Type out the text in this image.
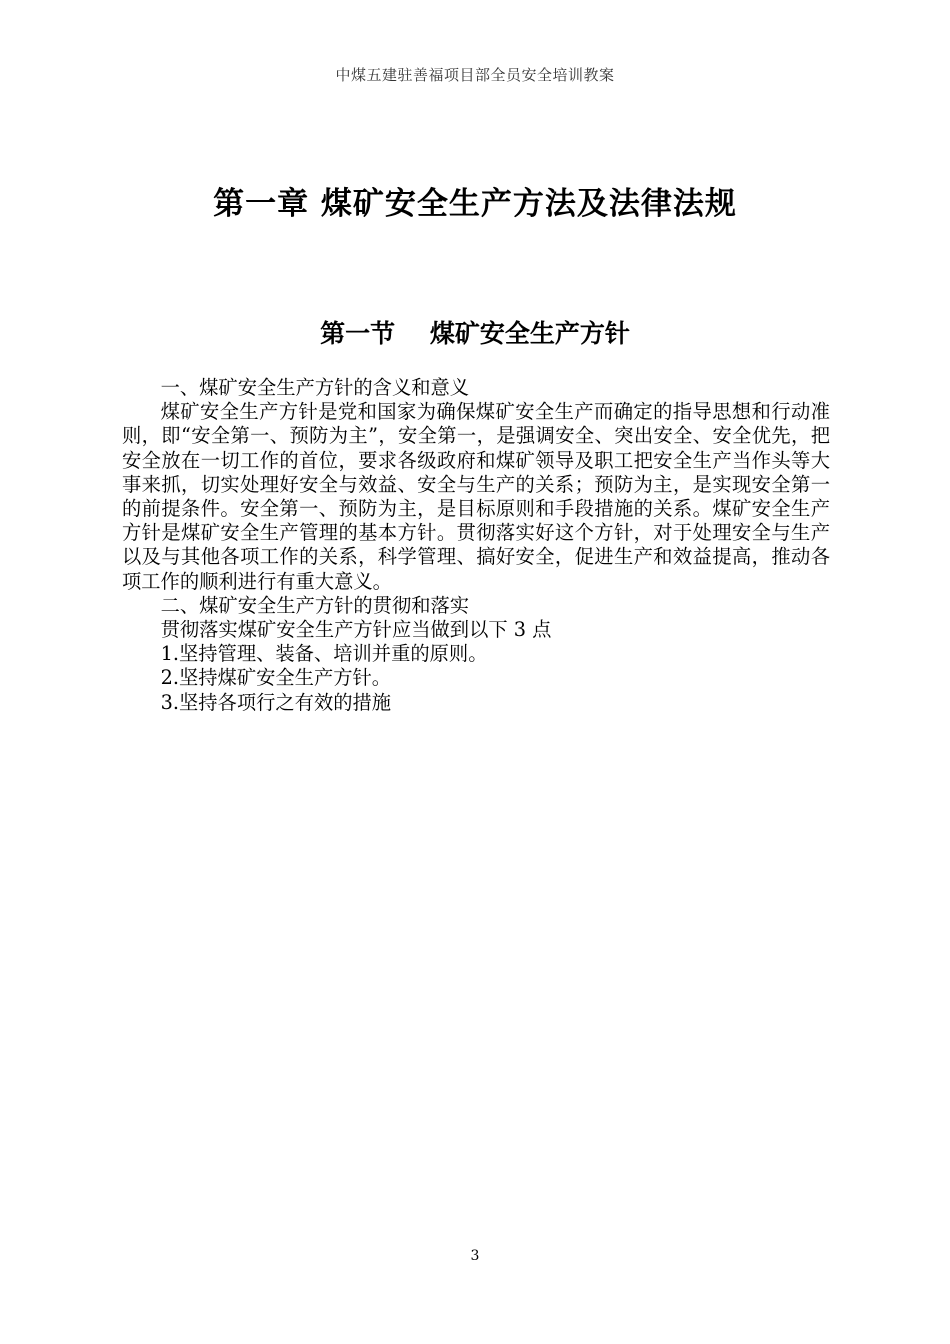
中煤五建驻善福项目部全员安全培训教案
第一章 煤矿安全生产方法及法律法规
第一节    煤矿安全生产方针

一、煤矿安全生产方针的含义和意义

煤矿安全生产方针是党和国家为确保煤矿安全生产而确定的指导思想和行动准则，即“安全第一、预防为主”，安全第一，是强调安全、突出安全、安全优先，把安全放在一切工作的首位，要求各级政府和煤矿领导及职工把安全生产当作头等大事来抓，切实处理好安全与效益、安全与生产的关系；预防为主，是实现安全第一的前提条件。安全第一、预防为主，是目标原则和手段措施的关系。煤矿安全生产方针是煤矿安全生产管理的基本方针。贯彻落实好这个方针，对于处理安全与生产以及与其他各项工作的关系，科学管理、搞好安全，促进生产和效益提高，推动各项工作的顺利进行有重大意义。

二、煤矿安全生产方针的贯彻和落实

贯彻落实煤矿安全生产方针应当做到以下 3 点

1.坚持管理、装备、培训并重的原则。

2.坚持煤矿安全生产方针。

3.坚持各项行之有效的措施

3
